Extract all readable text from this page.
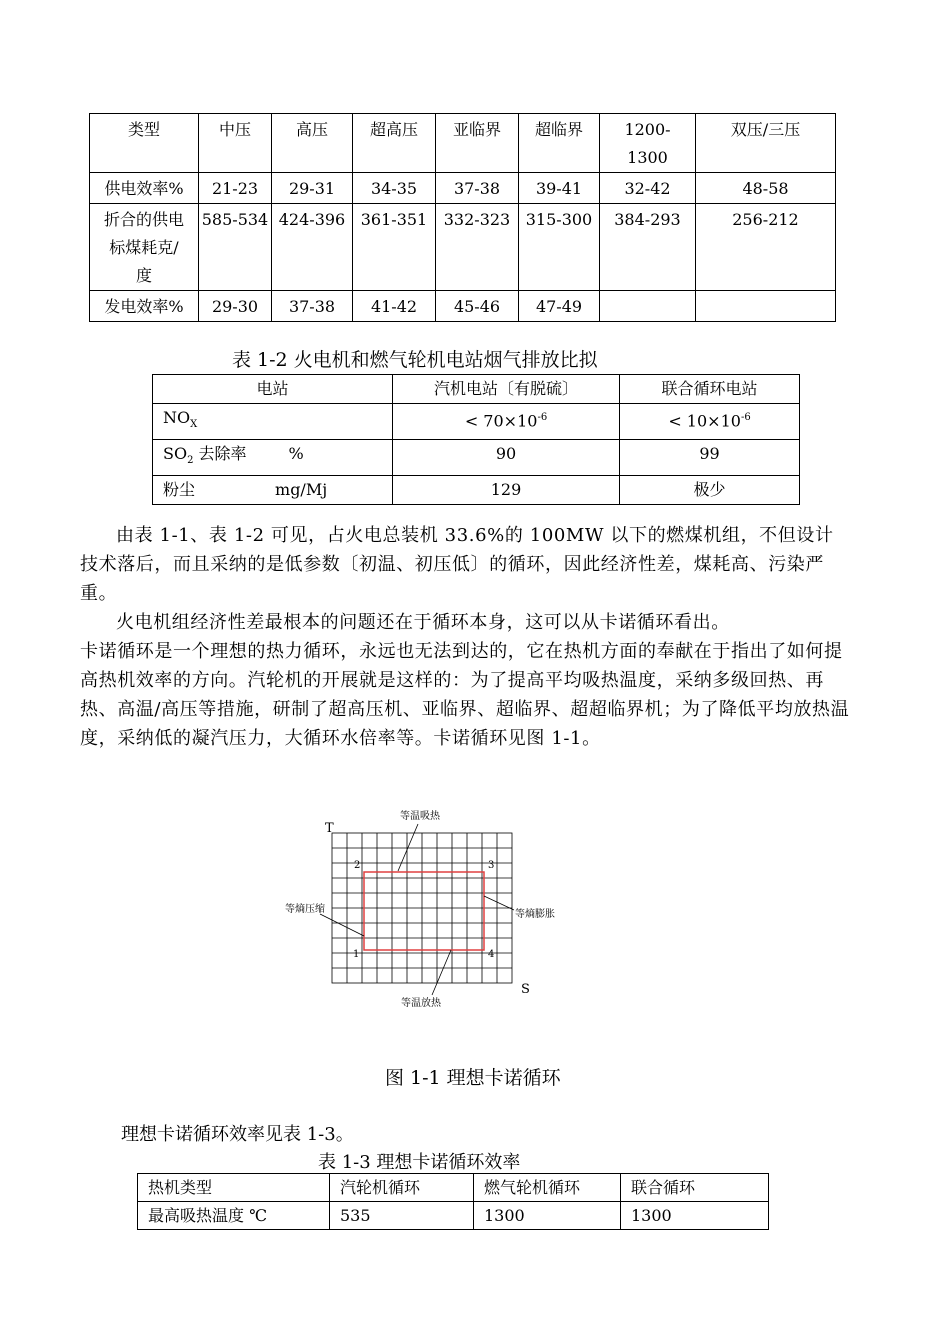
类型	中压	高压	超高压	亚临界	超临界	1200-1300	双压/三压
供电效率%	21-23	29-31	34-35	37-38	39-41	32-42	48-58
折合的供电标煤耗克/度	585-534	424-396	361-351	332-323	315-300	384-293	256-212
发电效率%	29-30	37-38	41-42	45-46	47-49		
表 1-2 火电机和燃气轮机电站烟气排放比拟
电站	汽机电站〔有脱硫〕	联合循环电站
$NO_X$	< $70\times 10^{-6}$	< $10\times 10^{-6}$
$SO_2$ 去除率 %	90	99
粉尘 mg/Mj	129	极少

由表 1-1、表 1-2 可见，占火电总装机 33.6%的 100MW 以下的燃煤机组，不但设计技术落后，而且采纳的是低参数〔初温、初压低〕的循环，因此经济性差，煤耗高、污染严重。

火电机组经济性差最根本的问题还在于循环本身，这可以从卡诺循环看出。

卡诺循环是一个理想的热力循环，永远也无法到达的，它在热机方面的奉献在于指出了如何提高热机效率的方向。汽轮机的开展就是这样的：为了提高平均吸热温度，采纳多级回热、再热、高温/高压等措施，研制了超高压机、亚临界、超临界、超超临界机；为了降低平均放热温度，采纳低的凝汽压力，大循环水倍率等。卡诺循环见图 1-1。

T
S
等温吸热
等熵压缩	等熵膨胀
等温放热
1
2	3
4
图 1-1 理想卡诺循环
理想卡诺循环效率见表 1-3。
表 1-3 理想卡诺循环效率
热机类型	汽轮机循环	燃气轮机循环	联合循环
最高吸热温度 ℃	535	1300	1300
